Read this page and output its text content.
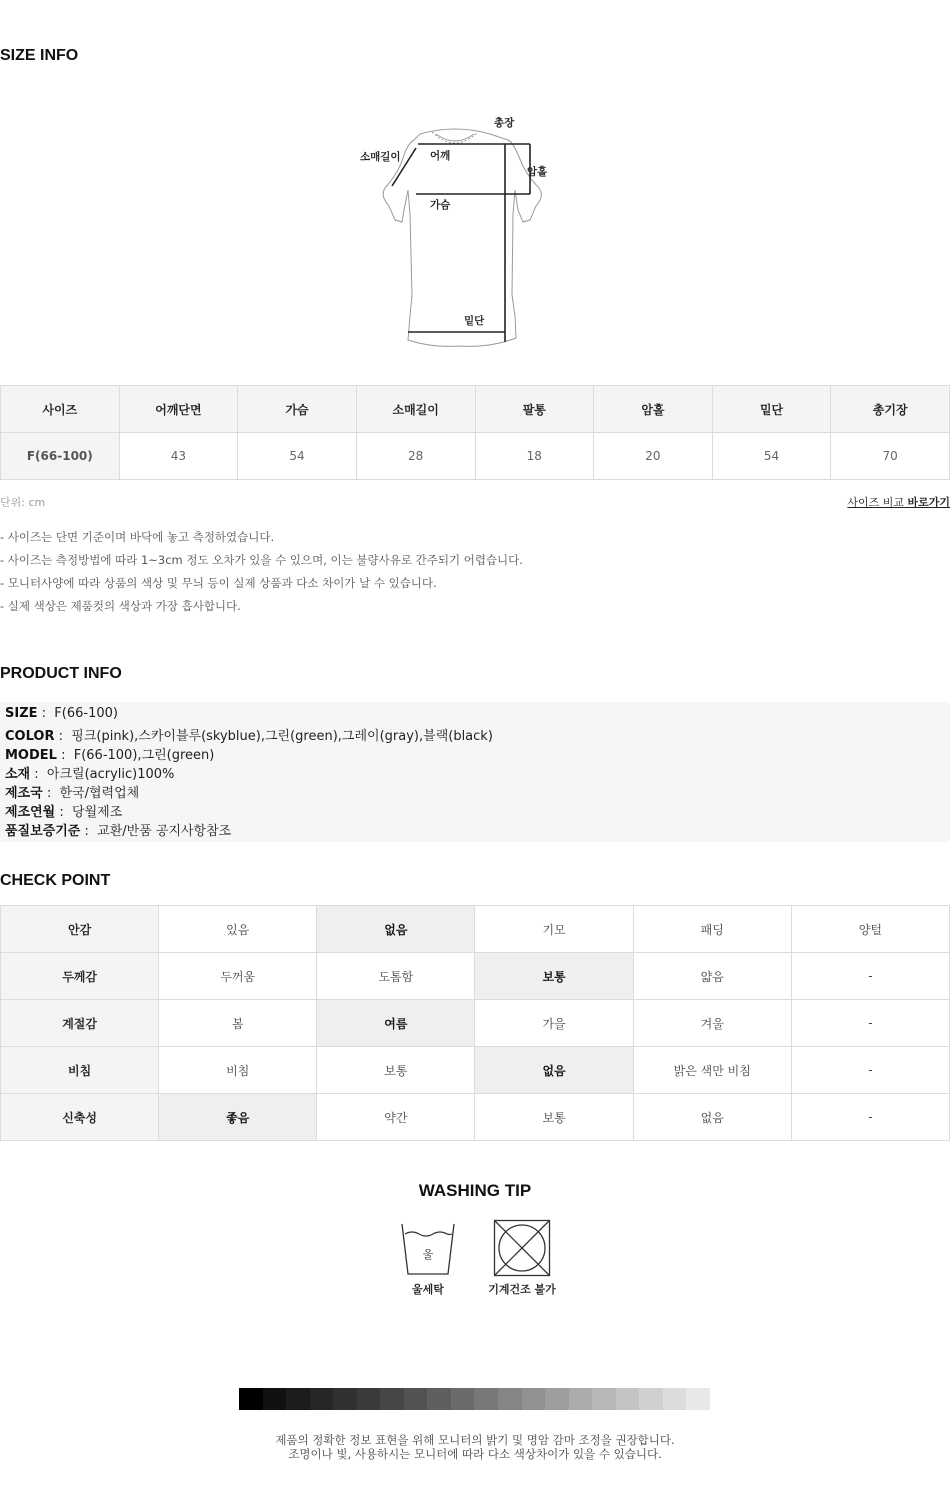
SIZE INFO
총장
소매길이	어깨
암홀
가슴
밑단
사이즈	어깨단면	가슴	소매길이	팔통	암홀	밑단	총기장
F(66-100)	43	54	28	18	20	54	70
단위: cm	사이즈 비교 바로가기
- 사이즈는 단면 기준이며 바닥에 놓고 측정하였습니다.
- 사이즈는 측정방법에 따라 1~3cm 정도 오차가 있을 수 있으며, 이는 불량사유로 간주되기 어렵습니다.
- 모니터사양에 따라 상품의 색상 및 무늬 등이 실제 상품과 다소 차이가 날 수 있습니다.
- 실제 색상은 제품컷의 색상과 가장 흡사합니다.
PRODUCT INFO
SIZE :  F(66-100)
COLOR :  핑크(pink),스카이블루(skyblue),그린(green),그레이(gray),블랙(black)
MODEL :  F(66-100),그린(green)
소재 :  아크릴(acrylic)100%
제조국 :  한국/협력업체
제조연월 :  당월제조
품질보증기준 :  교환/반품 공지사항참조
CHECK POINT
안감	있음	없음	기모	패딩	양털
두께감	두꺼움	도톰함	보통	얇음	-
계절감	봄	여름	가을	겨울	-
비침	비침	보통	없음	밝은 색만 비침	-
신축성	좋음	약간	보통	없음	-
WASHING TIP
울
울세탁	기계건조 불가
제품의 정확한 정보 표현을 위해 모니터의 밝기 및 명암 감마 조정을 권장합니다.
조명이나 빛, 사용하시는 모니터에 따라 다소 색상차이가 있을 수 있습니다.
